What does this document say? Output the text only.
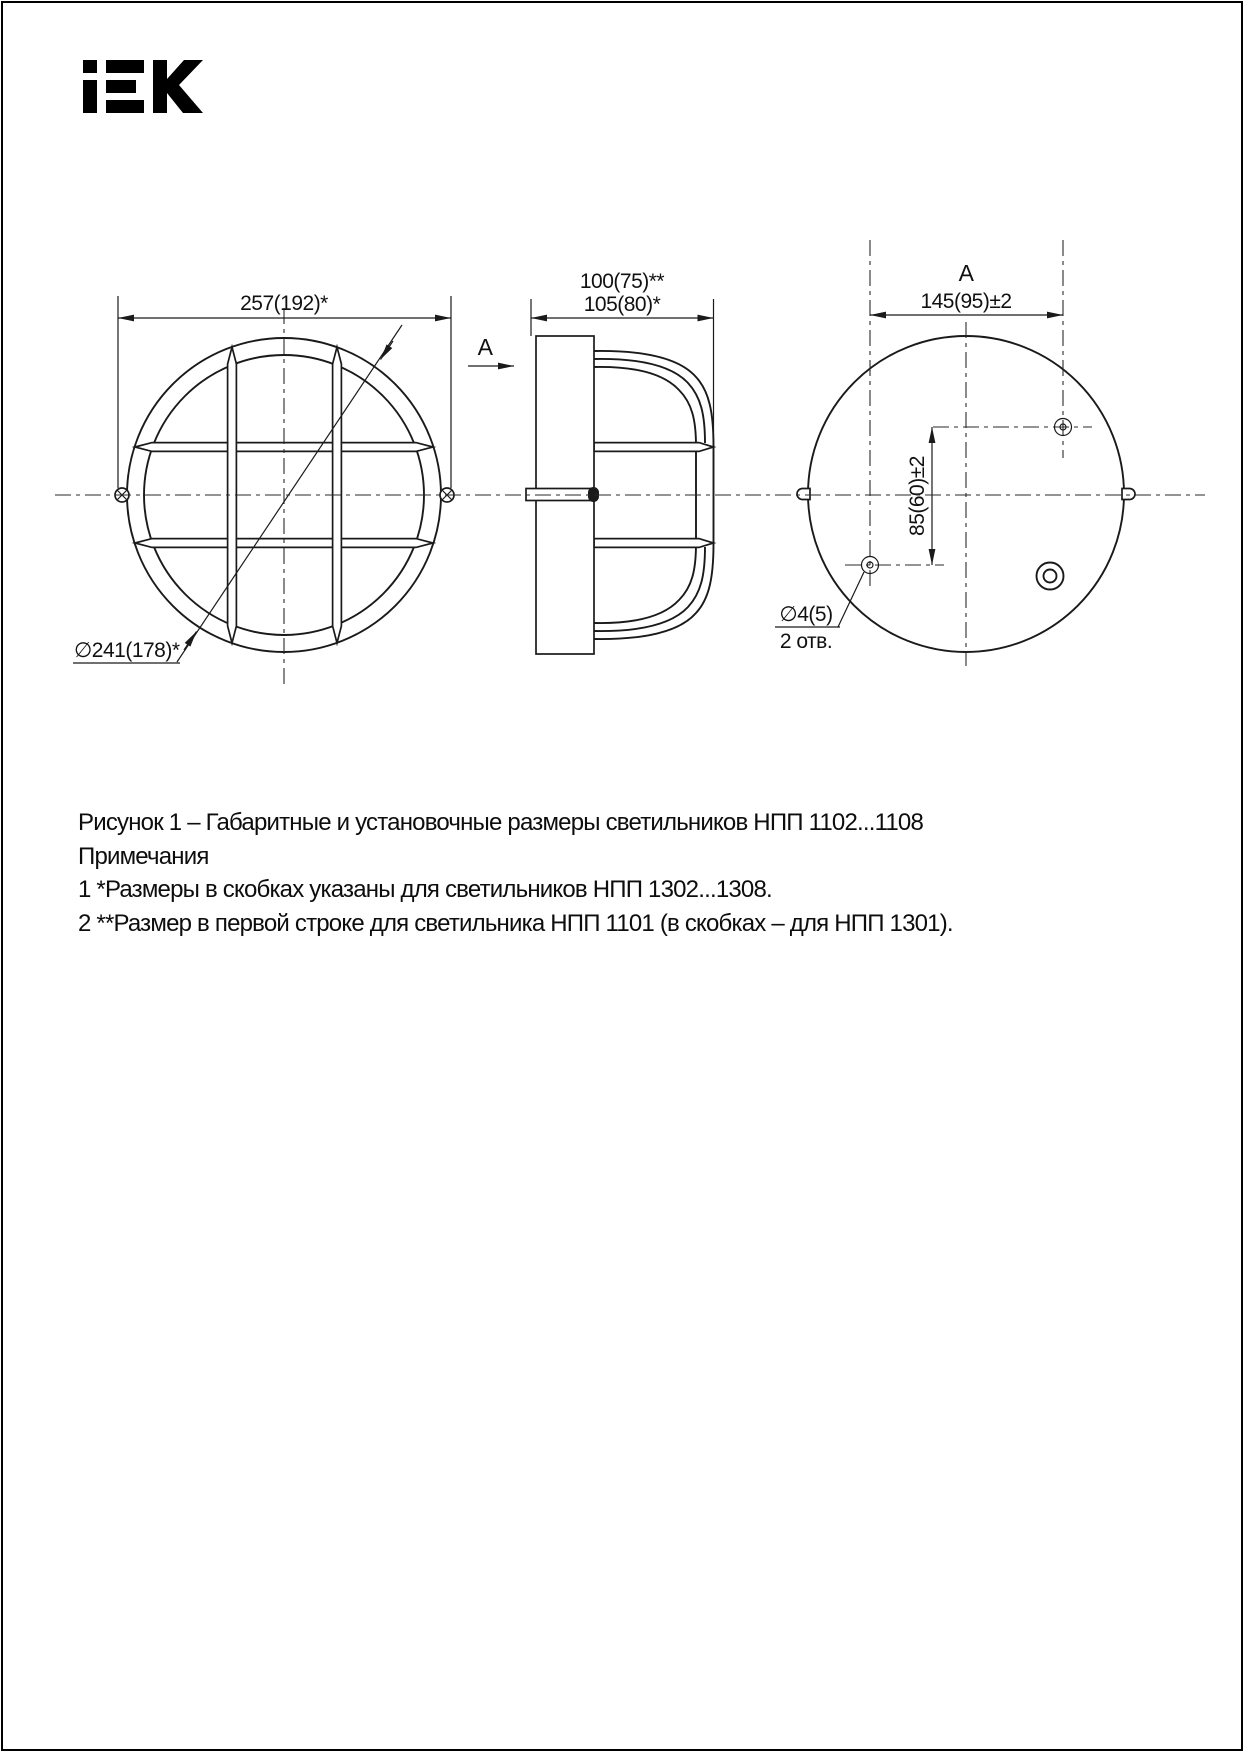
257(192)*
∅241(178)*
A
100(75)**
105(80)*
A
145(95)±2
85(60)±2
∅4(5)
2 отв.
Рисунок 1 – Габаритные и установочные размеры светильников НПП 1102...1108
Примечания
1 *Размеры в скобках указаны для светильников НПП 1302...1308.
2 **Размер в первой строке для светильника НПП 1101 (в скобках – для НПП 1301).
